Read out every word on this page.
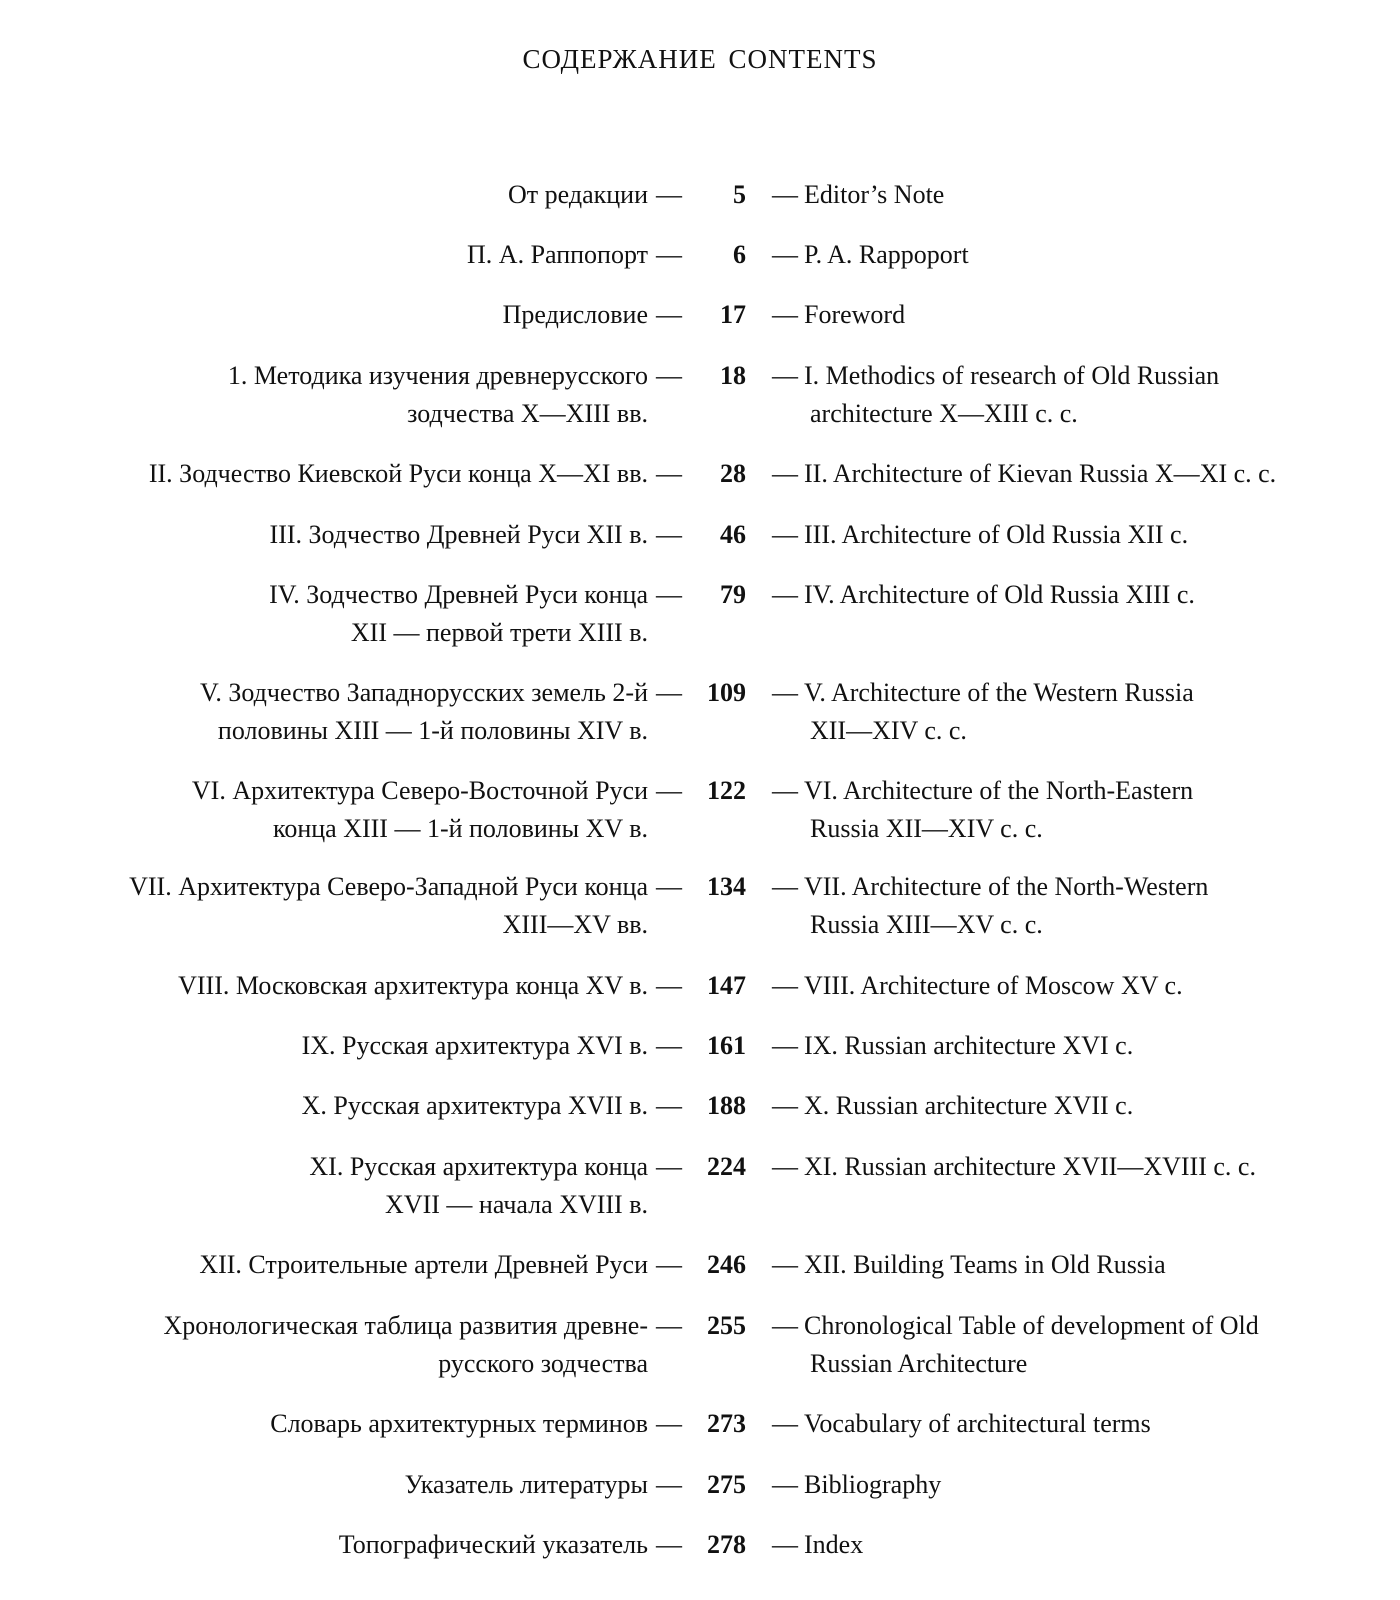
СОДЕРЖАНИЕ CONTENTS
От редакции —	5 — Editor’s Note
П. А. Раппопорт —	6 — P. A. Rappoport
Предисловие —	17 — Foreword
1. Методика изучения древнерусского
зодчества X—XIII вв.
—	18 — I. Methodics of research of Old Russian
architecture X—XIII c. c.
II. Зодчество Киевской Руси конца X—XI вв. —	28 — II. Architecture of Kievan Russia X—XI c. c.
III. Зодчество Древней Руси XII в. —	46 — III. Architecture of Old Russia XII c.
IV. Зодчество Древней Руси конца
XII — первой трети XIII в.
—	79 — IV. Architecture of Old Russia XIII c.
V. Зодчество Западнорусских земель 2-й
половины XIII — 1-й половины XIV в.
— 109 — V. Architecture of the Western Russia
XII—XIV c. c.
VI. Архитектура Северо-Восточной Руси
конца XIII — 1-й половины XV в.
— 122 — VI. Architecture of the North-Eastern
Russia XII—XIV c. c.
VII. Архитектура Северо-Западной Руси конца
XIII—XV вв.
— 134 — VII. Architecture of the North-Western
Russia XIII—XV c. c.
VIII. Московская архитектура конца XV в. — 147 — VIII. Architecture of Moscow XV c.
IX. Русская архитектура XVI в. — 161 — IX. Russian architecture XVI c.
X. Русская архитектура XVII в. — 188 — X. Russian architecture XVII c.
XI. Русская архитектура конца
XVII — начала XVIII в.
— 224 — XI. Russian architecture XVII—XVIII c. c.
XII. Строительные артели Древней Руси — 246 — XII. Building Teams in Old Russia
Хронологическая таблица развития древне-
русского зодчества
— 255 — Chronological Table of development of Old
Russian Architecture
Словарь архитектурных терминов — 273 — Vocabulary of architectural terms
Указатель литературы — 275 — Bibliography
Топографический указатель — 278 — Index
